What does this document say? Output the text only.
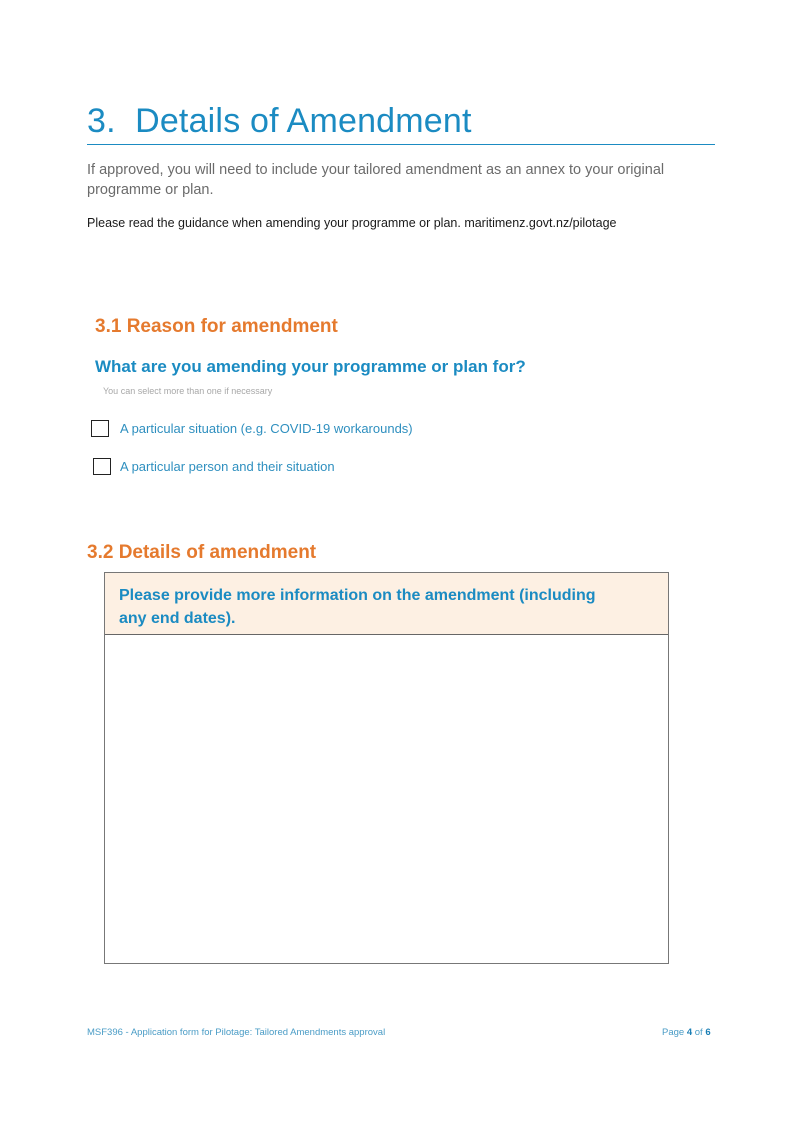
3. Details of Amendment
If approved, you will need to include your tailored amendment as an annex to your original programme or plan.
Please read the guidance when amending your programme or plan. maritimenz.govt.nz/pilotage
3.1 Reason for amendment
What are you amending your programme or plan for?
You can select more than one if necessary
A particular situation (e.g. COVID-19 workarounds)
A particular person and their situation
3.2 Details of amendment
Please provide more information on the amendment (including any end dates).
MSF396 - Application form for Pilotage: Tailored Amendments approval	Page 4 of 6
